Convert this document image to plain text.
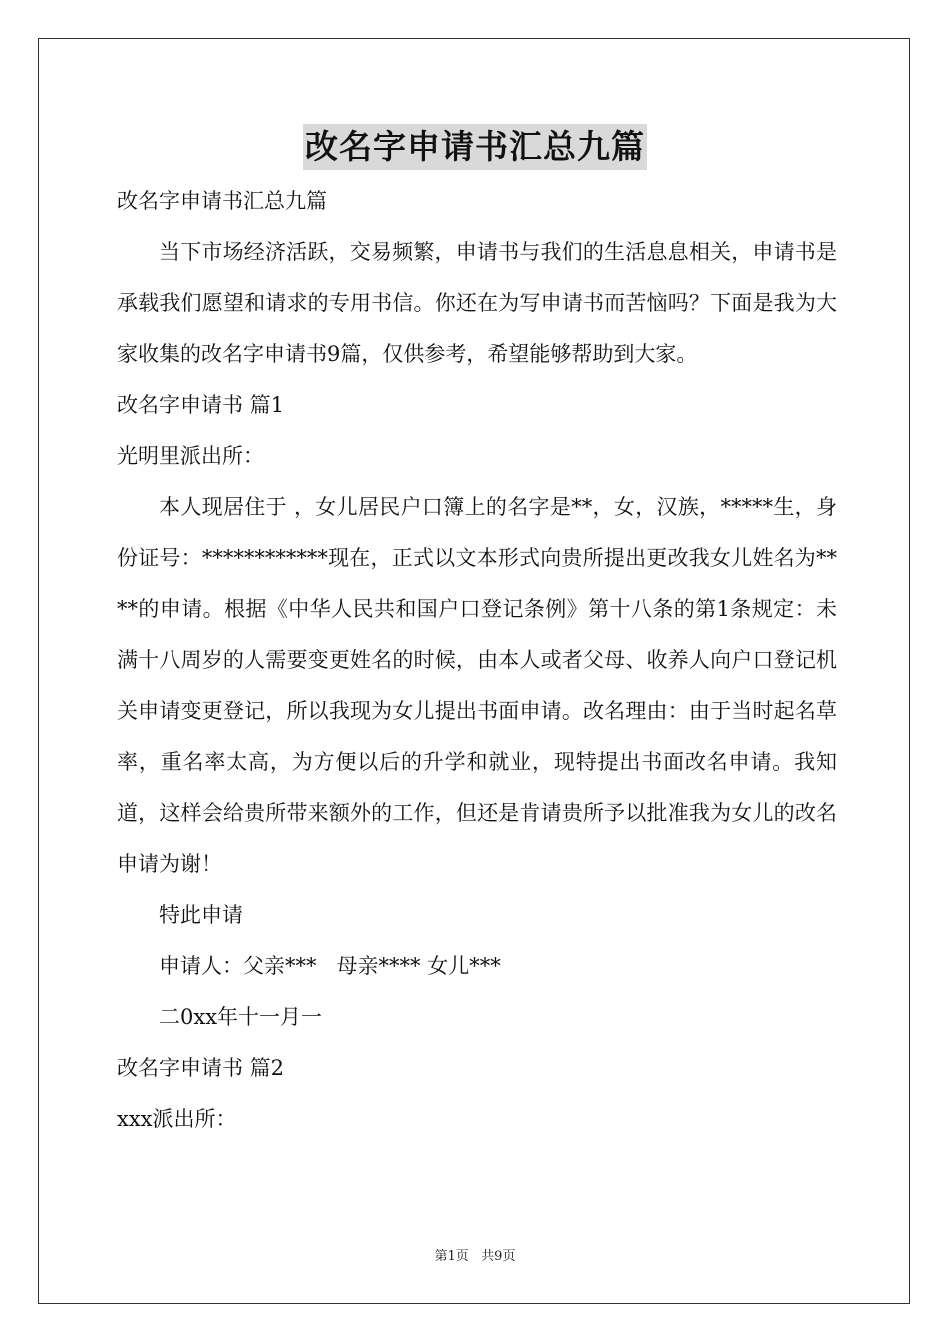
改名字申请书汇总九篇

改名字申请书汇总九篇

当下市场经济活跃，交易频繁，申请书与我们的生活息息相关，申请书是承载我们愿望和请求的专用书信。你还在为写申请书而苦恼吗？下面是我为大家收集的改名字申请书9篇，仅供参考，希望能够帮助到大家。

改名字申请书 篇1

光明里派出所：

本人现居住于 ，女儿居民户口簿上的名字是**，女，汉族，*****生，身份证号：************现在，正式以文本形式向贵所提出更改我女儿姓名为****的申请。根据《中华人民共和国户口登记条例》第十八条的第1条规定：未满十八周岁的人需要变更姓名的时候，由本人或者父母、收养人向户口登记机关申请变更登记，所以我现为女儿提出书面申请。改名理由：由于当时起名草率，重名率太高，为方便以后的升学和就业，现特提出书面改名申请。我知道，这样会给贵所带来额外的工作，但还是肯请贵所予以批准我为女儿的改名申请为谢！

特此申请

申请人：父亲***   母亲**** 女儿***

二0xx年十一月一

改名字申请书 篇2

xxx派出所：

第1页   共9页
